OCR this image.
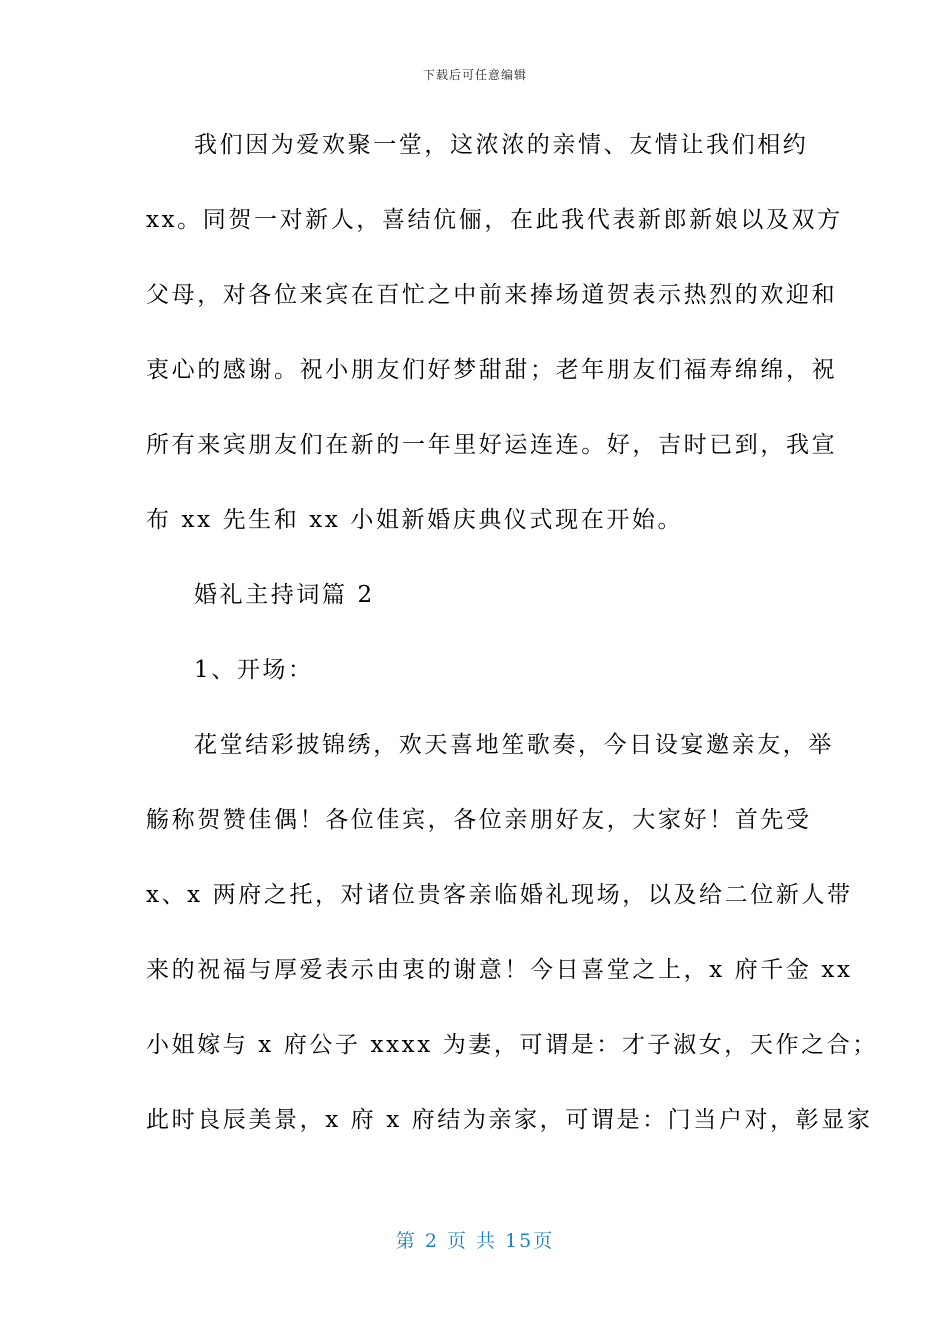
下载后可任意编辑
我们因为爱欢聚一堂，这浓浓的亲情、友情让我们相约
xx。同贺一对新人，喜结伉俪，在此我代表新郎新娘以及双方
父母，对各位来宾在百忙之中前来捧场道贺表示热烈的欢迎和
衷心的感谢。祝小朋友们好梦甜甜；老年朋友们福寿绵绵，祝
所有来宾朋友们在新的一年里好运连连。好，吉时已到，我宣
布 xx 先生和 xx 小姐新婚庆典仪式现在开始。
婚礼主持词篇 2
1、开场：
花堂结彩披锦绣，欢天喜地笙歌奏，今日设宴邀亲友，举
觞称贺赞佳偶！各位佳宾，各位亲朋好友，大家好！首先受
x、x 两府之托，对诸位贵客亲临婚礼现场，以及给二位新人带
来的祝福与厚爱表示由衷的谢意！今日喜堂之上，x 府千金 xx
小姐嫁与 x 府公子 xxxx 为妻，可谓是：才子淑女，天作之合；
此时良辰美景，x 府 x 府结为亲家，可谓是：门当户对，彰显家
第 2 页 共 15页
